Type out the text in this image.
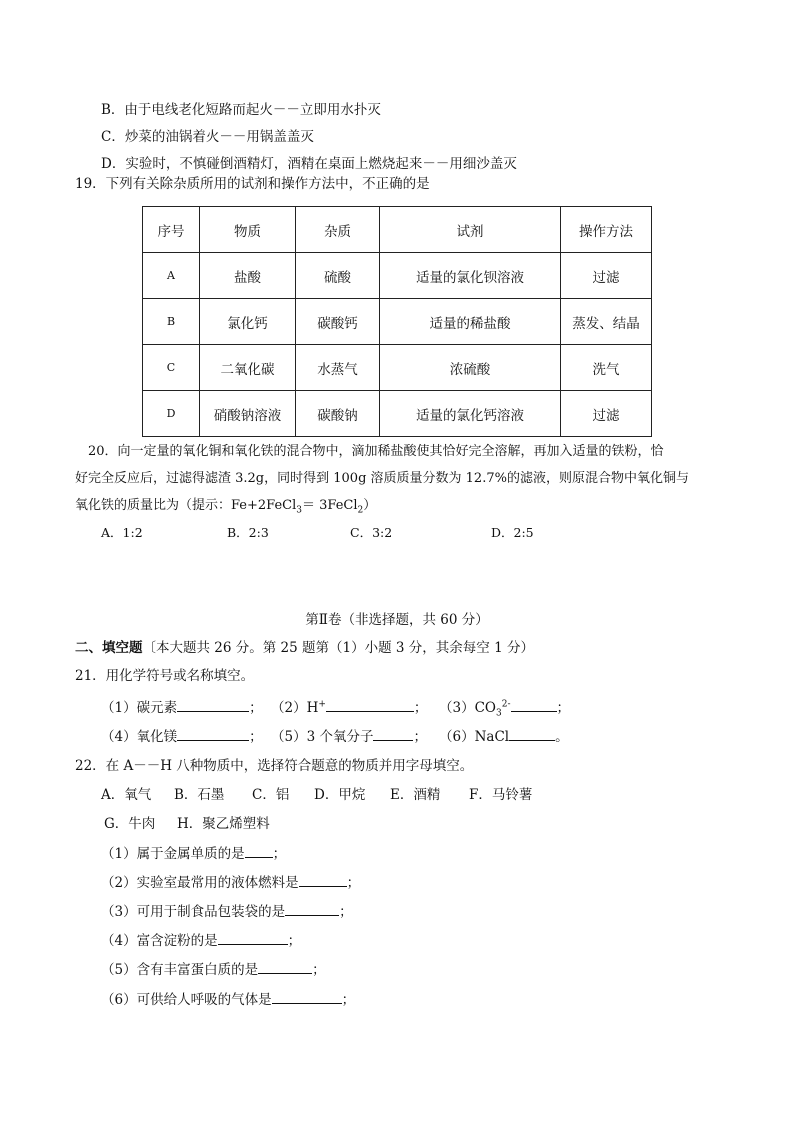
B．由于电线老化短路而起火－－立即用水扑灭
C．炒菜的油锅着火－－用锅盖盖灭
D．实验时，不慎碰倒酒精灯，酒精在桌面上燃烧起来－－用细沙盖灭
19．下列有关除杂质所用的试剂和操作方法中，不正确的是
序号	物质	杂质	试剂	操作方法
A	盐酸	硫酸	适量的氯化钡溶液	过滤
B	氯化钙	碳酸钙	适量的稀盐酸	蒸发、结晶
C	二氧化碳	水蒸气	浓硫酸	洗气
D	硝酸钠溶液	碳酸钠	适量的氯化钙溶液	过滤
20．向一定量的氧化铜和氧化铁的混合物中，滴加稀盐酸使其恰好完全溶解，再加入适量的铁粉，恰
好完全反应后，过滤得滤渣 3.2g，同时得到 100g 溶质质量分数为 12.7%的滤液，则原混合物中氧化铜与
氧化铁的质量比为（提示：Fe+2FeCl$_3$＝ 3FeCl$_2$）
A．1:2	B．2:3	C．3:2	D．2:5
第Ⅱ卷（非选择题，共 60 分）
二、填空题〔本大题共 26 分。第 25 题第（1）小题 3 分，其余每空 1 分）
21．用化学符号或名称填空。
（1）碳元素	； （2）H+	； $(3)CO_3^{2-}$	；
（4）氧化镁	； （5）3 个氧分子	； （6）NaCl	。
22．在 A－－H 八种物质中，选择符合题意的物质并用字母填空。
A．氧气 B．石墨 C．铝 D．甲烷 E．酒精 F．马铃薯
G．牛肉 H．聚乙烯塑料
（1）属于金属单质的是 ；
（2）实验室最常用的液体燃料是	；
（3）可用于制食品包装袋的是	；
（4）富含淀粉的是	；
（5）含有丰富蛋白质的是	；
（6）可供给人呼吸的气体是	；
